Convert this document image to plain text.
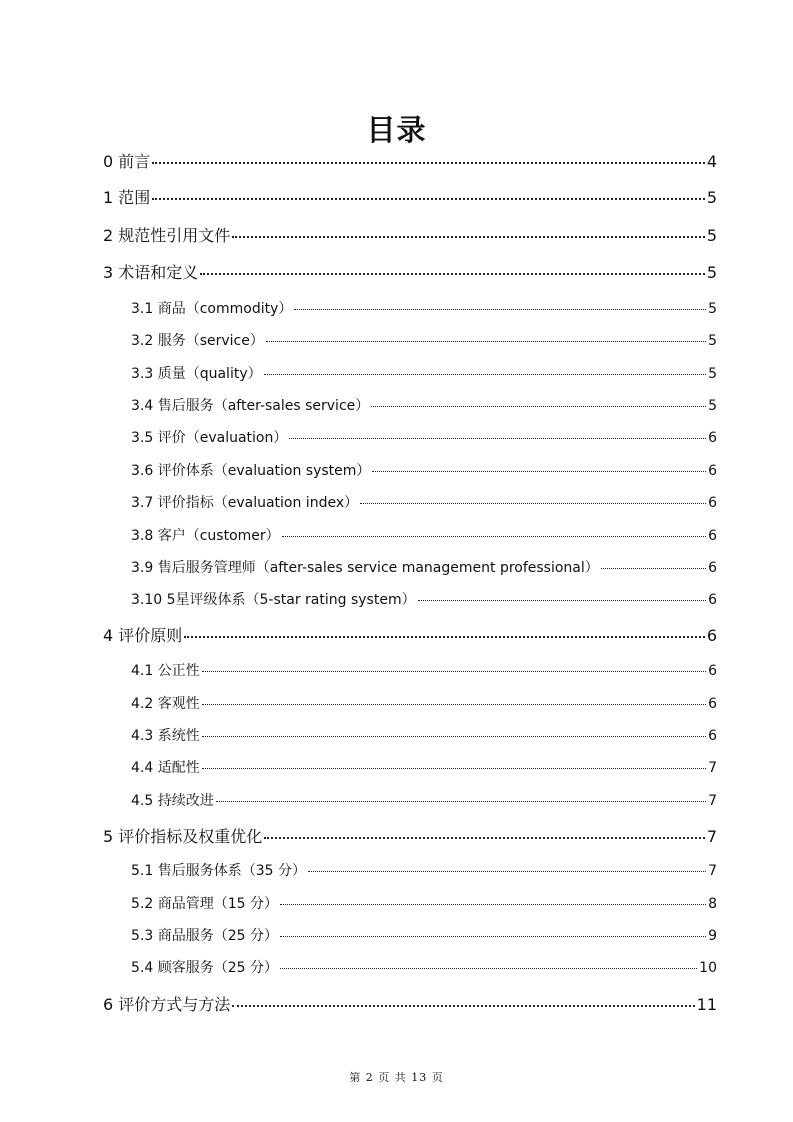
目录
0 前言	4
1 范围	5
2 规范性引用文件	5
3 术语和定义	5
3.1 商品（commodity）	5
3.2 服务（service）	5
3.3 质量（quality）	5
3.4 售后服务（after-sales service）	5
3.5 评价（evaluation）	6
3.6 评价体系（evaluation system）	6
3.7 评价指标（evaluation index）	6
3.8 客户（customer）	6
3.9 售后服务管理师（after-sales service management professional）	6
3.10 5星评级体系（5-star rating system）	6
4 评价原则	6
4.1 公正性	6
4.2 客观性	6
4.3 系统性	6
4.4 适配性	7
4.5 持续改进	7
5 评价指标及权重优化	7
5.1 售后服务体系（35 分）	7
5.2 商品管理（15 分）	8
5.3 商品服务（25 分）	9
5.4 顾客服务（25 分）	10
6 评价方式与方法	11
第 2 页 共 13 页
